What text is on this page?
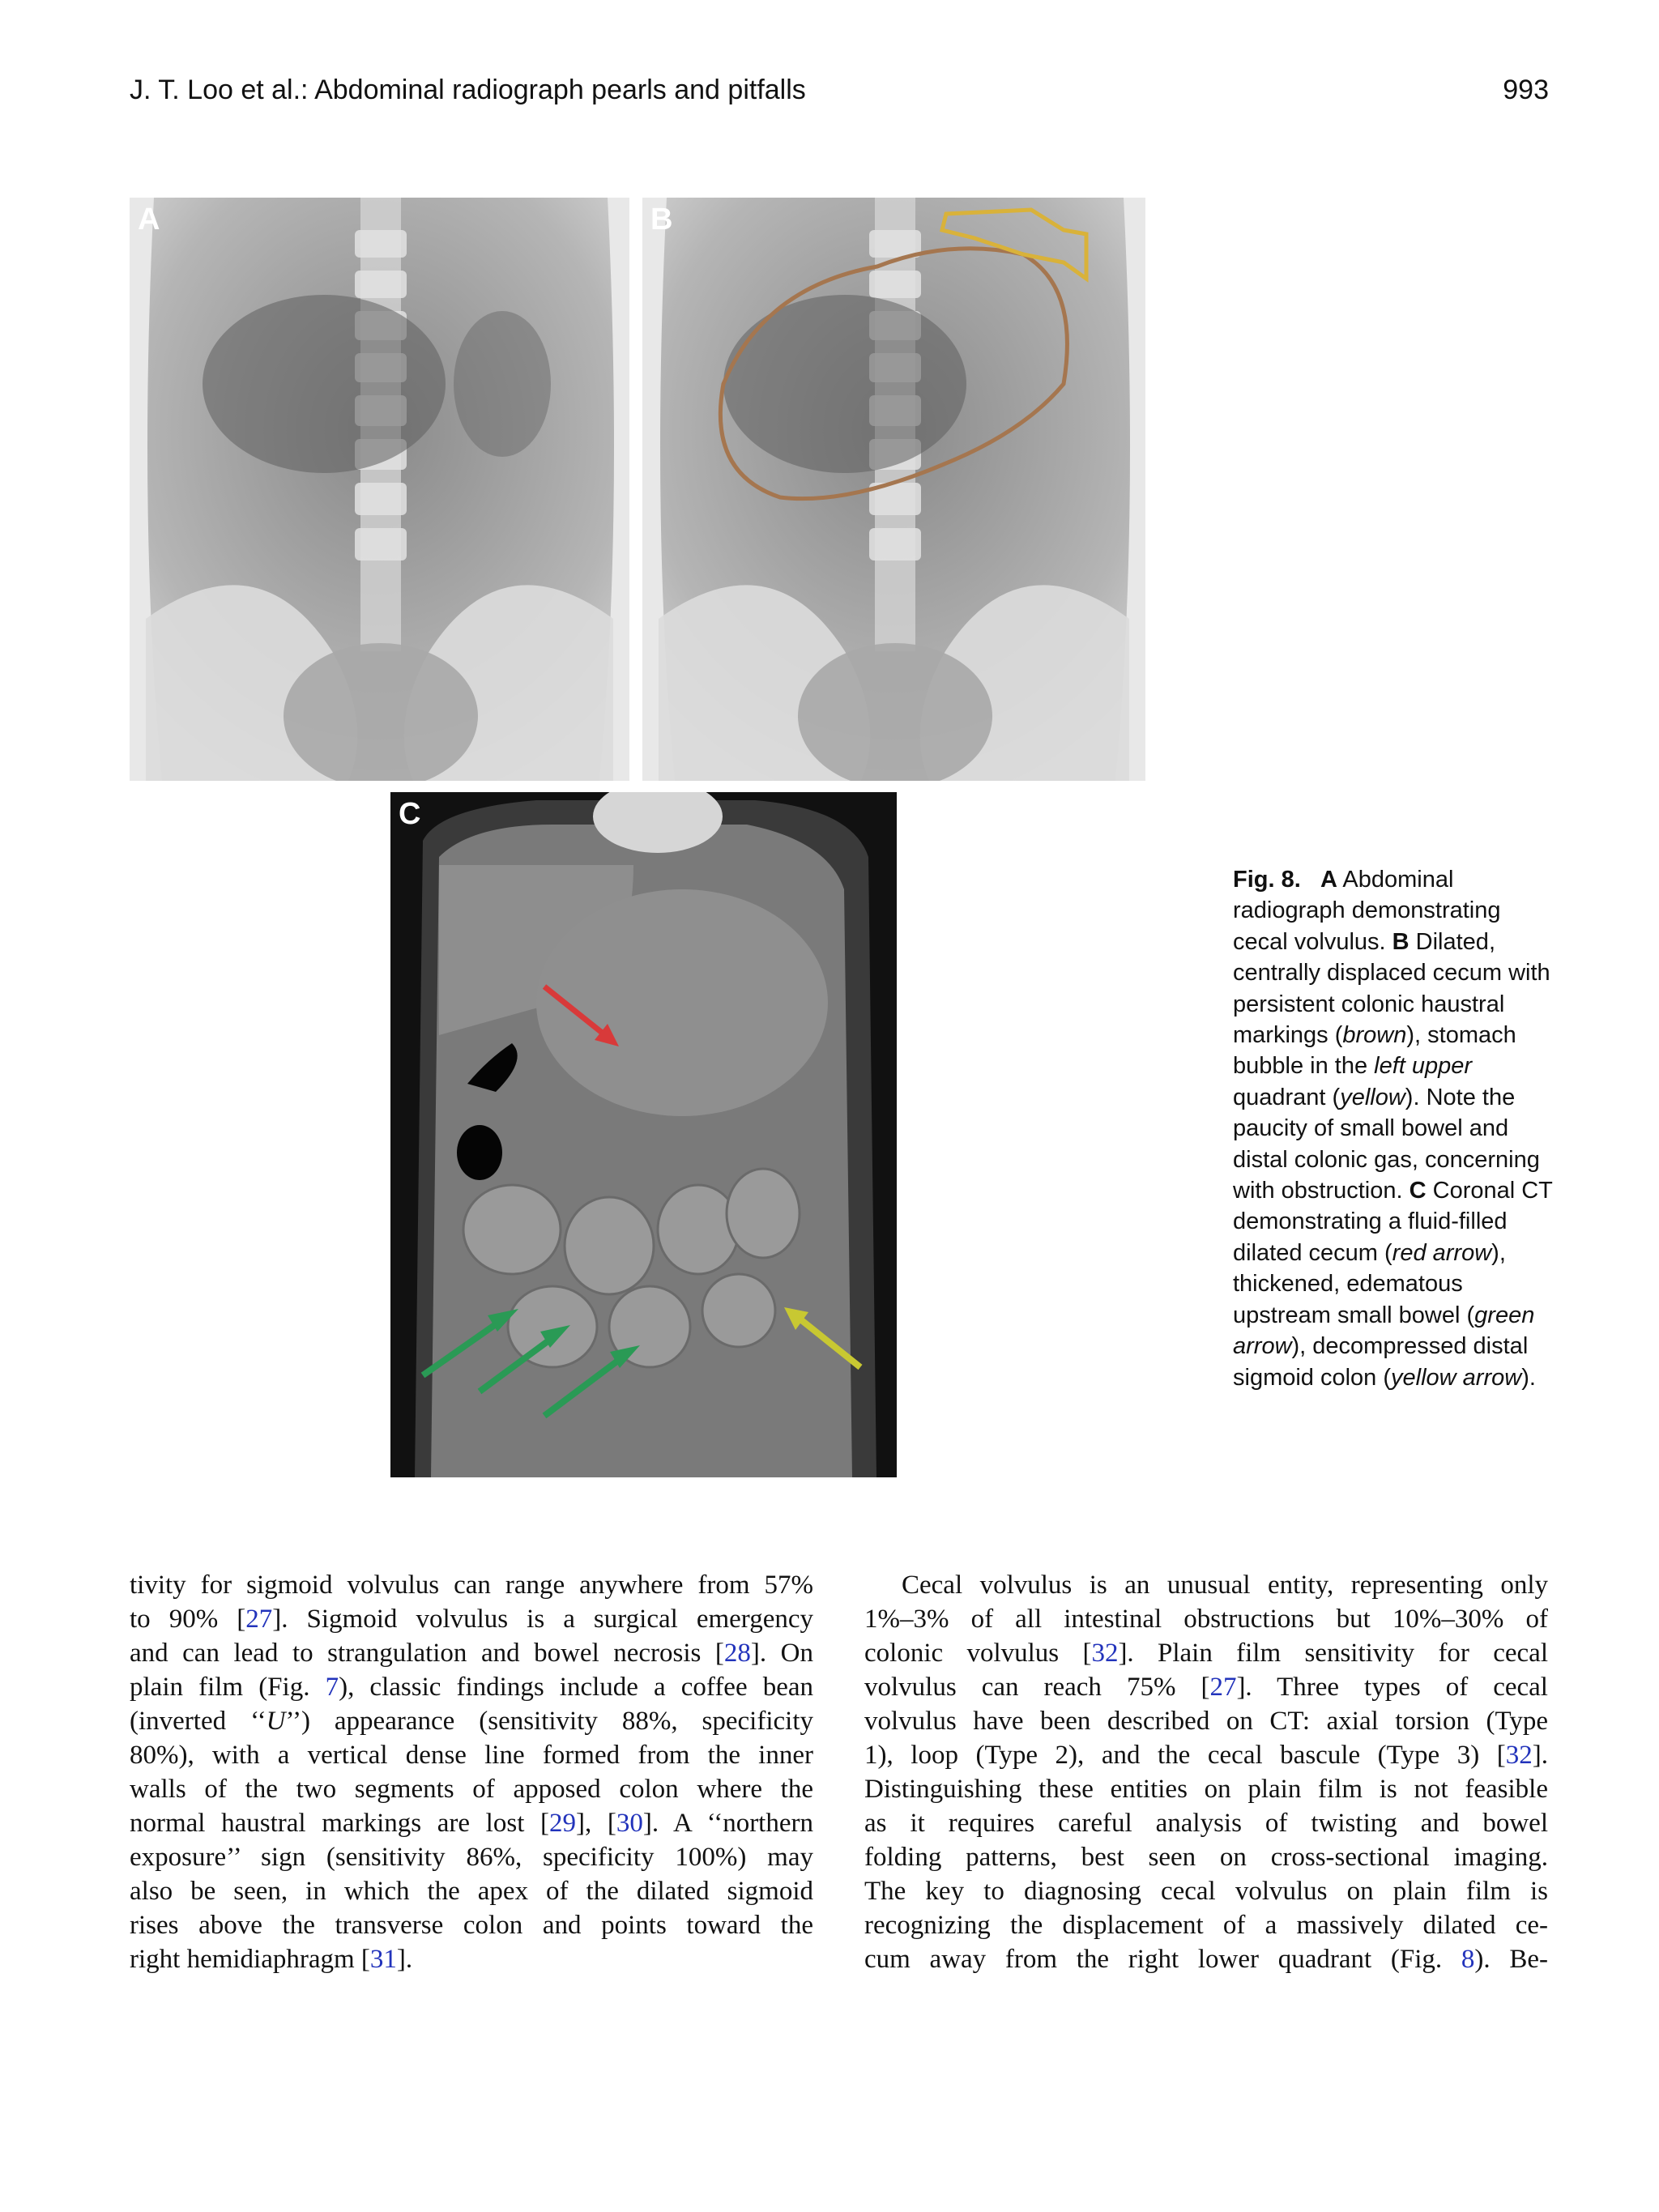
J. T. Loo et al.: Abdominal radiograph pearls and pitfalls	993
A	B
C
Fig. 8. A Abdominal radiograph demonstrating cecal volvulus. B Dilated, centrally displaced cecum with persistent colonic haustral markings (brown), stomach bubble in the left upper quadrant (yellow). Note the paucity of small bowel and distal colonic gas, concerning with obstruction. C Coronal CT demonstrating a fluid-filled dilated cecum (red arrow), thickened, edematous upstream small bowel (green arrow), decompressed distal sigmoid colon (yellow arrow).
tivity for sigmoid volvulus can range anywhere from 57%
to 90% [27]. Sigmoid volvulus is a surgical emergency
and can lead to strangulation and bowel necrosis [28]. On
plain film (Fig. 7), classic findings include a coffee bean
(inverted ‘‘U’’) appearance (sensitivity 88%, specificity
80%), with a vertical dense line formed from the inner
walls of the two segments of apposed colon where the
normal haustral markings are lost [29], [30]. A ‘‘northern
exposure’’ sign (sensitivity 86%, specificity 100%) may
also be seen, in which the apex of the dilated sigmoid
rises above the transverse colon and points toward the
right hemidiaphragm [31].
Cecal volvulus is an unusual entity, representing only
1%–3% of all intestinal obstructions but 10%–30% of
colonic volvulus [32]. Plain film sensitivity for cecal
volvulus can reach 75% [27]. Three types of cecal
volvulus have been described on CT: axial torsion (Type
1), loop (Type 2), and the cecal bascule (Type 3) [32].
Distinguishing these entities on plain film is not feasible
as it requires careful analysis of twisting and bowel
folding patterns, best seen on cross-sectional imaging.
The key to diagnosing cecal volvulus on plain film is
recognizing the displacement of a massively dilated ce-
cum away from the right lower quadrant (Fig. 8). Be-
